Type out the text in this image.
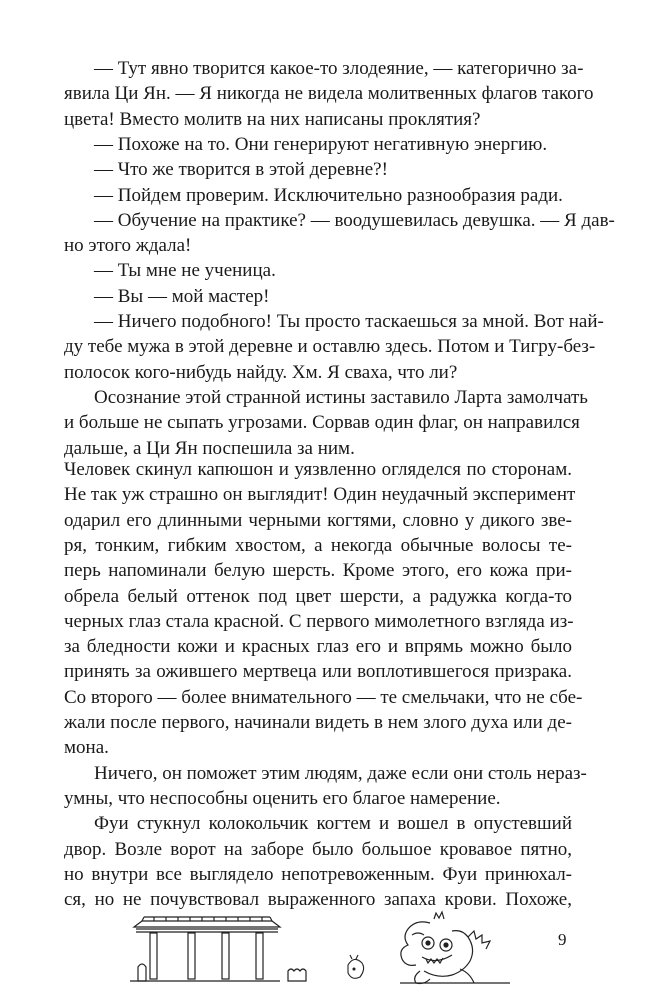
— Тут явно творится какое-то злодеяние, — категорично за-
явила Ци Ян. — Я никогда не видела молитвенных флагов такого
цвета! Вместо молитв на них написаны проклятия?
— Похоже на то. Они генерируют негативную энергию.
— Что же творится в этой деревне?!
— Пойдем проверим. Исключительно разнообразия ради.
— Обучение на практике? — воодушевилась девушка. — Я дав-
но этого ждала!
— Ты мне не ученица.
— Вы — мой мастер!
— Ничего подобного! Ты просто таскаешься за мной. Вот най-
ду тебе мужа в этой деревне и оставлю здесь. Потом и Тигру-без-
полосок кого-нибудь найду. Хм. Я сваха, что ли?
Осознание этой странной истины заставило Ларта замолчать
и больше не сыпать угрозами. Сорвав один флаг, он направился
дальше, а Ци Ян поспешила за ним.
Человек скинул капюшон и уязвленно огляделся по сторонам.
Не так уж страшно он выглядит! Один неудачный эксперимент
одарил его длинными черными когтями, словно у дикого зве-
ря, тонким, гибким хвостом, а некогда обычные волосы те-
перь напоминали белую шерсть. Кроме этого, его кожа при-
обрела белый оттенок под цвет шерсти, а радужка когда-то
черных глаз стала красной. С первого мимолетного взгляда из-
за бледности кожи и красных глаз его и впрямь можно было
принять за ожившего мертвеца или воплотившегося призрака.
Со второго — более внимательного — те смельчаки, что не сбе-
жали после первого, начинали видеть в нем злого духа или де-
мона.
Ничего, он поможет этим людям, даже если они столь нераз-
умны, что неспособны оценить его благое намерение.
Фуи стукнул колокольчик когтем и вошел в опустевший
двор. Возле ворот на заборе было большое кровавое пятно,
но внутри все выглядело непотревоженным. Фуи принюхал-
ся, но не почувствовал выраженного запаха крови. Похоже,
9
